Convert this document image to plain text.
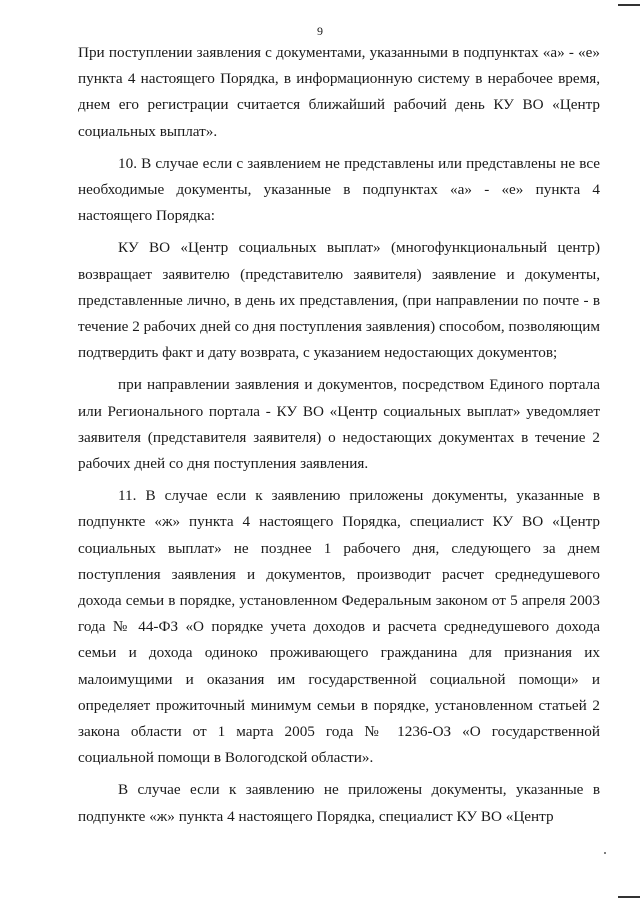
9

При поступлении заявления с документами, указанными в подпунктах «а» - «е» пункта 4 настоящего Порядка, в информационную систему в нерабочее время, днем его регистрации считается ближайший рабочий день КУ ВО «Центр социальных выплат».

10. В случае если с заявлением не представлены или представлены не все необходимые документы, указанные в подпунктах «а» - «е» пункта 4 настоящего Порядка:

КУ ВО «Центр социальных выплат» (многофункциональный центр) возвращает заявителю (представителю заявителя) заявление и документы, представленные лично, в день их представления, (при направлении по почте - в течение 2 рабочих дней со дня поступления заявления) способом, позволяющим подтвердить факт и дату возврата, с указанием недостающих документов;

при направлении заявления и документов, посредством Единого портала или Регионального портала - КУ ВО «Центр социальных выплат» уведомляет заявителя (представителя заявителя) о недостающих документах в течение 2 рабочих дней со дня поступления заявления.

11. В случае если к заявлению приложены документы, указанные в подпункте «ж» пункта 4 настоящего Порядка, специалист КУ ВО «Центр социальных выплат» не позднее 1 рабочего дня, следующего за днем поступления заявления и документов, производит расчет среднедушевого дохода семьи в порядке, установленном Федеральным законом от 5 апреля 2003 года № 44-ФЗ «О порядке учета доходов и расчета среднедушевого дохода семьи и дохода одиноко проживающего гражданина для признания их малоимущими и оказания им государственной социальной помощи» и определяет прожиточный минимум семьи в порядке, установленном статьей 2 закона области от 1 марта 2005 года № 1236-ОЗ «О государственной социальной помощи в Вологодской области».

В случае если к заявлению не приложены документы, указанные в подпункте «ж» пункта 4 настоящего Порядка, специалист КУ ВО «Центр
